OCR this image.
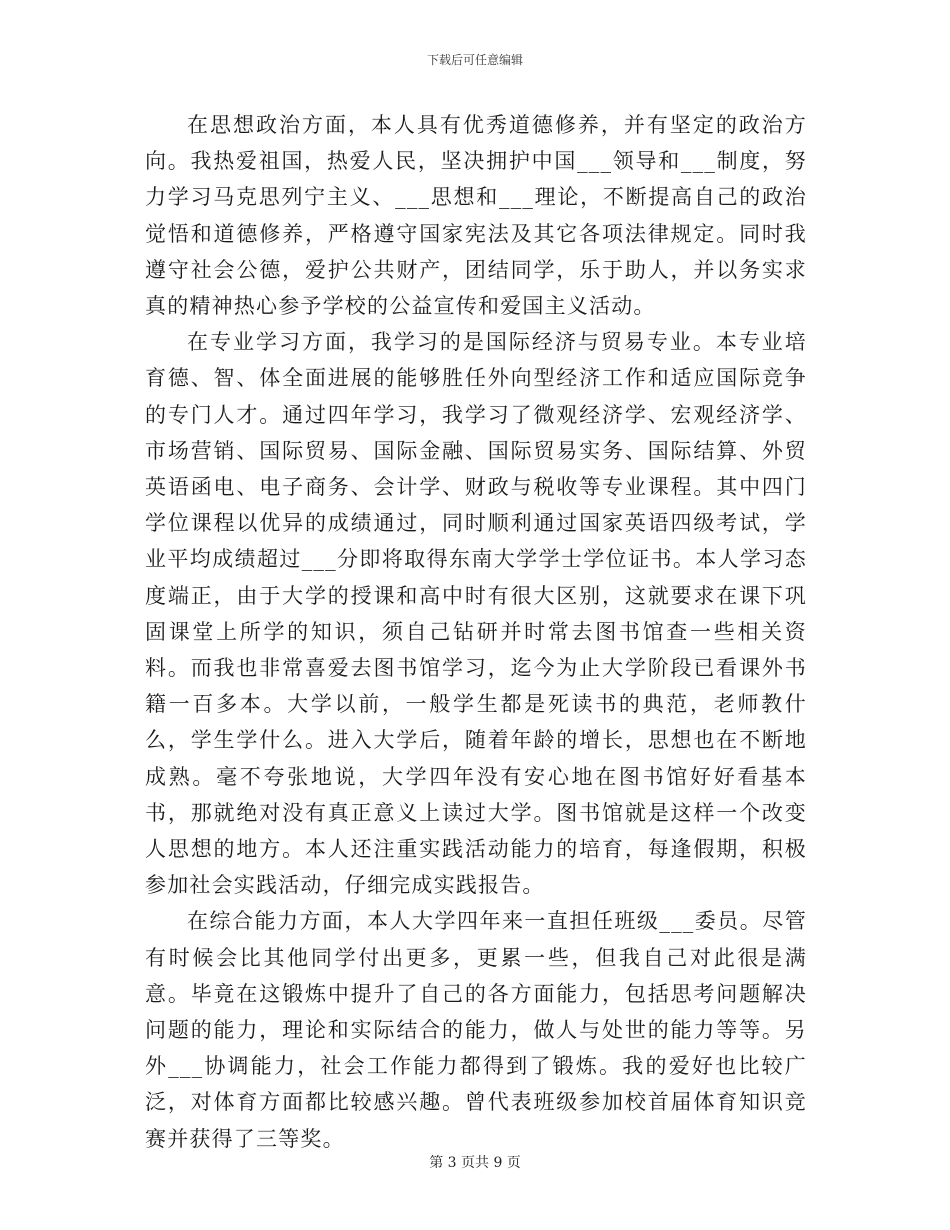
下载后可任意编辑

在思想政治方面，本人具有优秀道德修养，并有坚定的政治方向。我热爱祖国，热爱人民，坚决拥护中国___领导和___制度，努力学习马克思列宁主义、___思想和___理论，不断提高自己的政治觉悟和道德修养，严格遵守国家宪法及其它各项法律规定。同时我遵守社会公德，爱护公共财产，团结同学，乐于助人，并以务实求真的精神热心参予学校的公益宣传和爱国主义活动。

在专业学习方面，我学习的是国际经济与贸易专业。本专业培育德、智、体全面进展的能够胜任外向型经济工作和适应国际竞争的专门人才。通过四年学习，我学习了微观经济学、宏观经济学、市场营销、国际贸易、国际金融、国际贸易实务、国际结算、外贸英语函电、电子商务、会计学、财政与税收等专业课程。其中四门学位课程以优异的成绩通过，同时顺利通过国家英语四级考试，学业平均成绩超过___分即将取得东南大学学士学位证书。本人学习态度端正，由于大学的授课和高中时有很大区别，这就要求在课下巩固课堂上所学的知识，须自己钻研并时常去图书馆查一些相关资料。而我也非常喜爱去图书馆学习，迄今为止大学阶段已看课外书籍一百多本。大学以前，一般学生都是死读书的典范，老师教什么，学生学什么。进入大学后，随着年龄的增长，思想也在不断地成熟。毫不夸张地说，大学四年没有安心地在图书馆好好看基本书，那就绝对没有真正意义上读过大学。图书馆就是这样一个改变人思想的地方。本人还注重实践活动能力的培育，每逢假期，积极参加社会实践活动，仔细完成实践报告。

在综合能力方面，本人大学四年来一直担任班级___委员。尽管有时候会比其他同学付出更多，更累一些，但我自己对此很是满意。毕竟在这锻炼中提升了自己的各方面能力，包括思考问题解决问题的能力，理论和实际结合的能力，做人与处世的能力等等。另外___协调能力，社会工作能力都得到了锻炼。我的爱好也比较广泛，对体育方面都比较感兴趣。曾代表班级参加校首届体育知识竞赛并获得了三等奖。

第 3 页共 9 页
